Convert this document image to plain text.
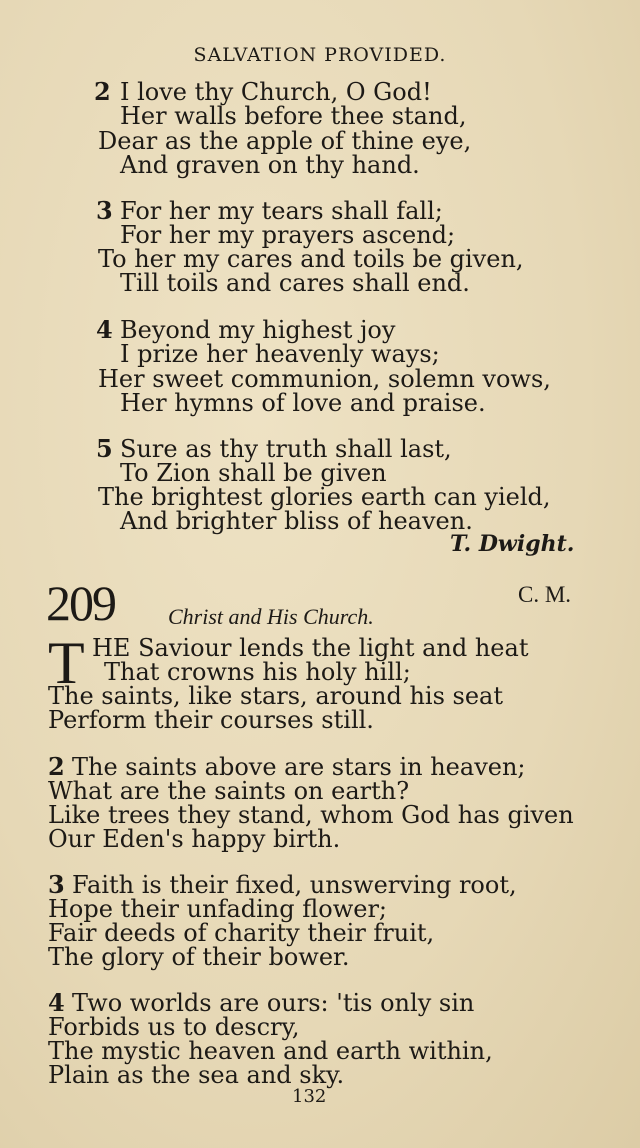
SALVATION PROVIDED.
2 I love thy Church, O God!
Her walls before thee stand,
Dear as the apple of thine eye,
And graven on thy hand.
3 For her my tears shall fall;
For her my prayers ascend;
To her my cares and toils be given,
Till toils and cares shall end.
4 Beyond my highest joy
I prize her heavenly ways;
Her sweet communion, solemn vows,
Her hymns of love and praise.
5 Sure as thy truth shall last,
To Zion shall be given
The brightest glories earth can yield,
And brighter bliss of heaven.
T. Dwight.
209	C. M.
Christ and His Church.
T HE Saviour lends the light and heat
That crowns his holy hill;
The saints, like stars, around his seat
Perform their courses still.
2 The saints above are stars in heaven;
What are the saints on earth?
Like trees they stand, whom God has given
Our Eden's happy birth.
3 Faith is their fixed, unswerving root,
Hope their unfading flower;
Fair deeds of charity their fruit,
The glory of their bower.
4 Two worlds are ours: 'tis only sin
Forbids us to descry,
The mystic heaven and earth within,
Plain as the sea and sky.
132
